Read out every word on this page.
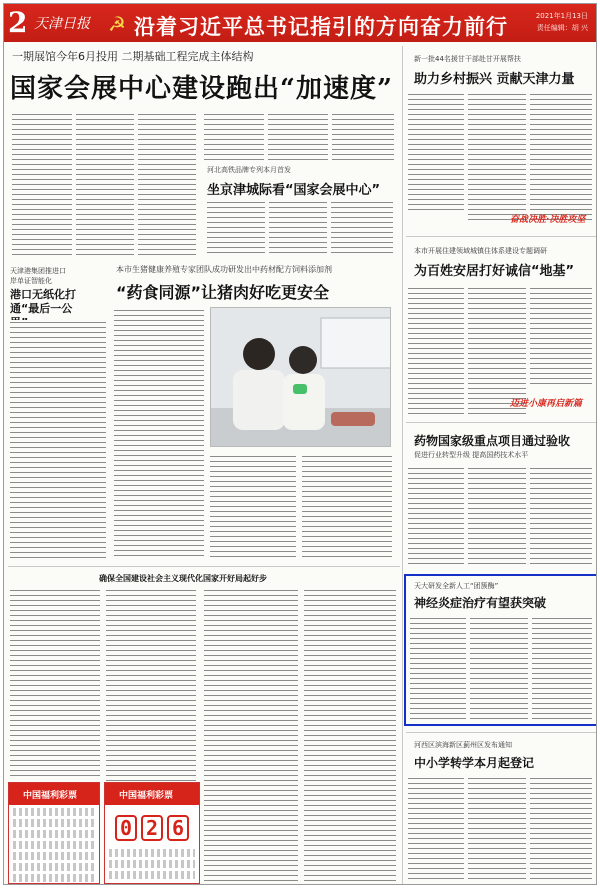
2 天津日报 ☭ 沿着习近平总书记指引的方向奋力前行	2021年1月13日
责任编辑：胡 兴
一期展馆今年6月投用 二期基础工程完成主体结构
国家会展中心建设跑出“加速度”
天津港集团推进口岸单证智能化
港口无纸化打通“最后一公
河北高铁品牌专列本月首发
坐京津城际看“国家会展中心”
本市生猪健康养殖专家团队成功研发出中药材配方饲料添加剂
“药食同源”让猪肉好吃更安全
确保全国建设社会主义现代化国家开好局起好步
中国福利彩票	中国福利彩票
0 2 6
新一批44名援甘干部赴甘开展帮扶
助力乡村振兴 贡献天津力量
奋战决胜·决胜攻坚
本市开展住建领域城镇住体系建设专题调研
为百姓安居打好诚信“地基”
迈进小康再启新篇
药物国家级重点项目通过验收
促进行业转型升级 提高国药技术水平
天大研发全新人工“团簇酶”
神经炎症治疗有望获突破
河西区滨海新区蓟州区发布通知
中小学转学本月起登记
